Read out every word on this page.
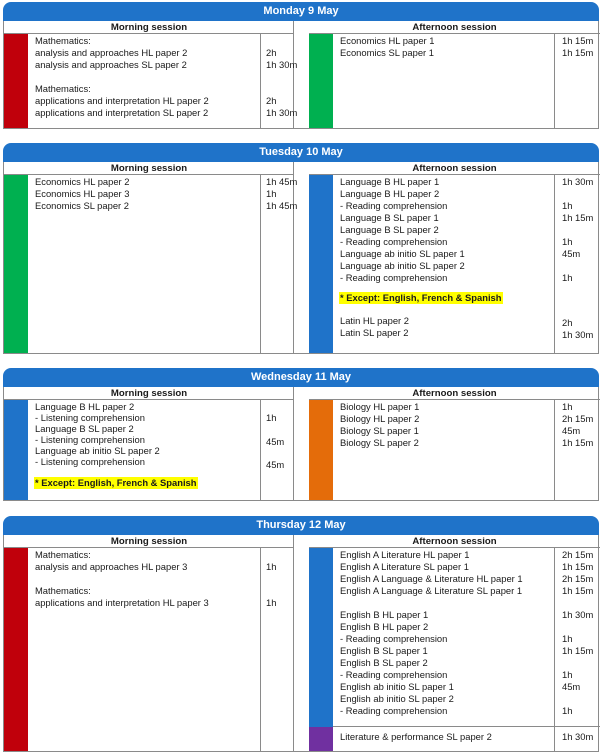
Monday 9 May
Morning session
Mathematics:
analysis and approaches HL paper 2
analysis and approaches SL paper 2
Mathematics:
applications and interpretation HL paper 2
applications and interpretation SL paper 2
2h
1h 30m
2h
1h 30m
Afternoon session
Economics HL paper 1
Economics SL paper 1
1h 15m
1h 15m
Tuesday 10 May
Morning session
Economics HL paper 2
Economics HL paper 3
Economics SL paper 2
1h 45m
1h
1h 45m
Afternoon session
Language B HL paper 1
Language B HL paper 2
- Reading comprehension
Language B SL paper 1
Language B SL paper 2
- Reading comprehension
Language ab initio SL paper 1
Language ab initio SL paper 2
- Reading comprehension
* Except: English, French & Spanish
Latin HL paper 2
Latin SL paper 2
1h 30m
1h
1h 15m
1h
45m
1h
2h
1h 30m
Wednesday 11 May
Morning session
Language B HL paper 2
- Listening comprehension
Language B SL paper 2
- Listening comprehension
Language ab initio SL paper 2
- Listening comprehension
* Except: English, French & Spanish
1h
45m
45m
Afternoon session
Biology HL paper 1
Biology HL paper 2
Biology SL paper 1
Biology SL paper 2
1h
2h 15m
45m
1h 15m
Thursday 12 May
Morning session
Mathematics:
analysis and approaches HL paper 3
Mathematics:
applications and interpretation HL paper 3
1h
1h
Afternoon session
English A Literature HL paper 1
English A Literature SL paper 1
English A Language & Literature HL paper 1
English A Language & Literature SL paper 1
English B HL paper 1
English B HL paper 2
- Reading comprehension
English B SL paper 1
English B SL paper 2
- Reading comprehension
English ab initio SL paper 1
English ab initio SL paper 2
- Reading comprehension
Literature & performance SL paper 2
2h 15m
1h 15m
2h 15m
1h 15m
1h 30m
1h
1h 15m
1h
45m
1h
1h 30m
